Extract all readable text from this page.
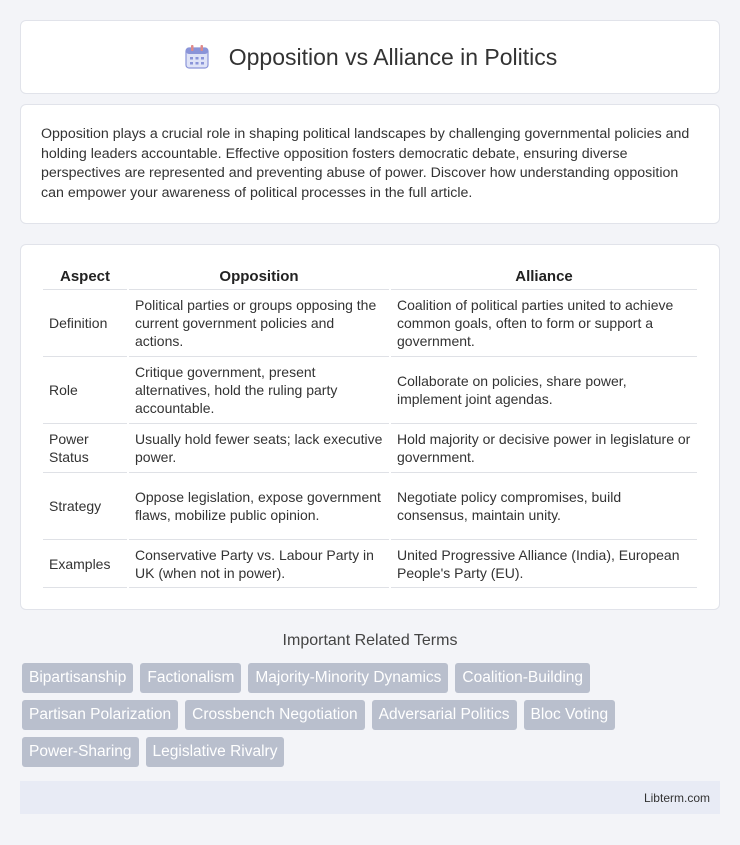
Opposition vs Alliance in Politics

Opposition plays a crucial role in shaping political landscapes by challenging governmental policies and holding leaders accountable. Effective opposition fosters democratic debate, ensuring diverse perspectives are represented and preventing abuse of power. Discover how understanding opposition can empower your awareness of political processes in the full article.

Aspect	Opposition	Alliance
Definition	Political parties or groups opposing the current government policies and actions.	Coalition of political parties united to achieve common goals, often to form or support a government.
Role	Critique government, present alternatives, hold the ruling party accountable.	Collaborate on policies, share power, implement joint agendas.
Power Status	Usually hold fewer seats; lack executive power.	Hold majority or decisive power in legislature or government.
Strategy	Oppose legislation, expose government flaws, mobilize public opinion.	Negotiate policy compromises, build consensus, maintain unity.
Examples	Conservative Party vs. Labour Party in UK (when not in power).	United Progressive Alliance (India), European People's Party (EU).
Important Related Terms
Bipartisanship	Factionalism	Majority-Minority Dynamics	Coalition-Building
Partisan Polarization	Crossbench Negotiation	Adversarial Politics	Bloc Voting
Power-Sharing	Legislative Rivalry
Libterm.com
